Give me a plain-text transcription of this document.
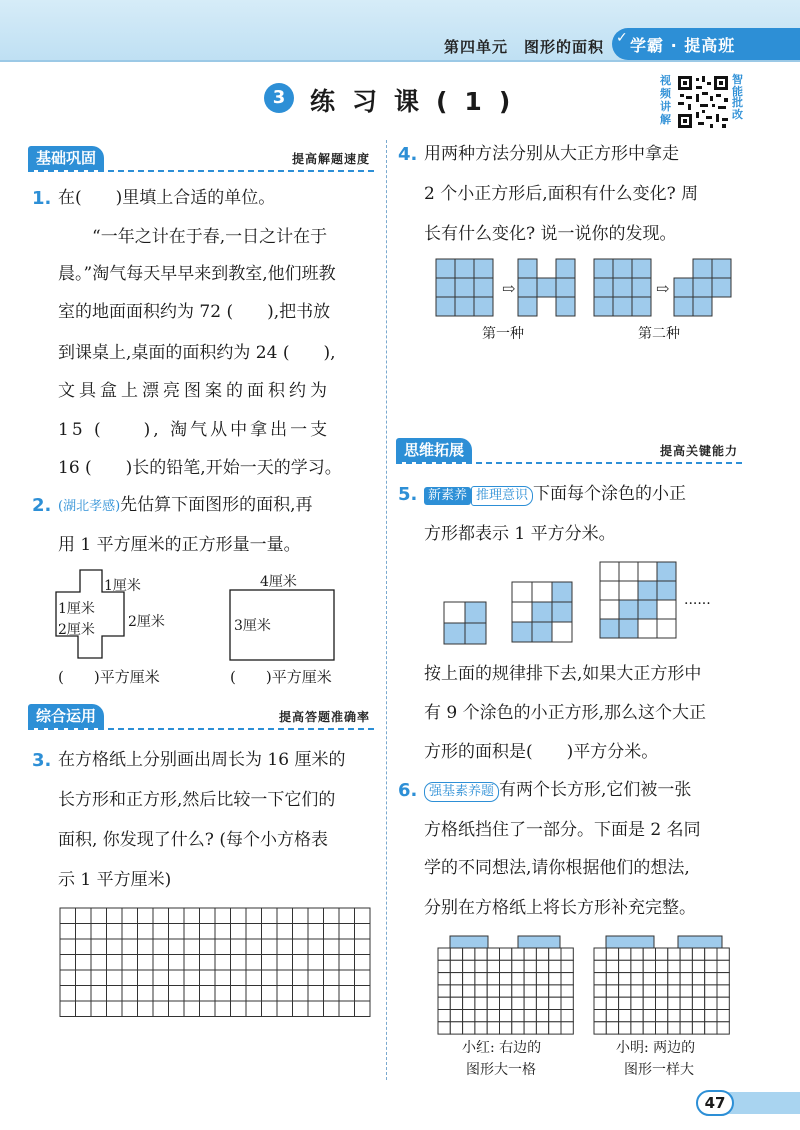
第四单元　图形的面积 ✓ 学霸 · 提高班
3 练习课(1)
视频讲解
智能批改
基础巩固	提高解题速度
1. 在(　　)里填上合适的单位。
“一年之计在于春,一日之计在于
晨。”淘气每天早早来到教室,他们班教
室的地面面积约为 72 (　　),把书放
到课桌上,桌面的面积约为 24 (　　),
文具盒上漂亮图案的面积约为
15 (　　), 淘气从中拿出一支
16 (　　)长的铅笔,开始一天的学习。
2. (湖北孝感)先估算下面图形的面积,再
用 1 平方厘米的正方形量一量。
1厘米
1厘米
2厘米
2厘米
4厘米
3厘米
(　　)平方厘米	(　　)平方厘米
综合运用	提高答题准确率
3. 在方格纸上分别画出周长为 16 厘米的
长方形和正方形,然后比较一下它们的
面积, 你发现了什么? (每个小方格表
示 1 平方厘米)
4. 用两种方法分别从大正方形中拿走
2 个小正方形后,面积有什么变化? 周
长有什么变化? 说一说你的发现。
⇨	⇨
第一种	第二种
思维拓展	提高关键能力
5. 新素养 推理意识 下面每个涂色的小正
方形都表示 1 平方分米。
......
按上面的规律排下去,如果大正方形中
有 9 个涂色的小正方形,那么这个大正
方形的面积是(　　)平方分米。
6. 强基素养题 有两个长方形,它们被一张
方格纸挡住了一部分。下面是 2 名同
学的不同想法,请你根据他们的想法,
分别在方格纸上将长方形补充完整。
小红: 右边的
图形大一格
小明: 两边的
图形一样大
47
